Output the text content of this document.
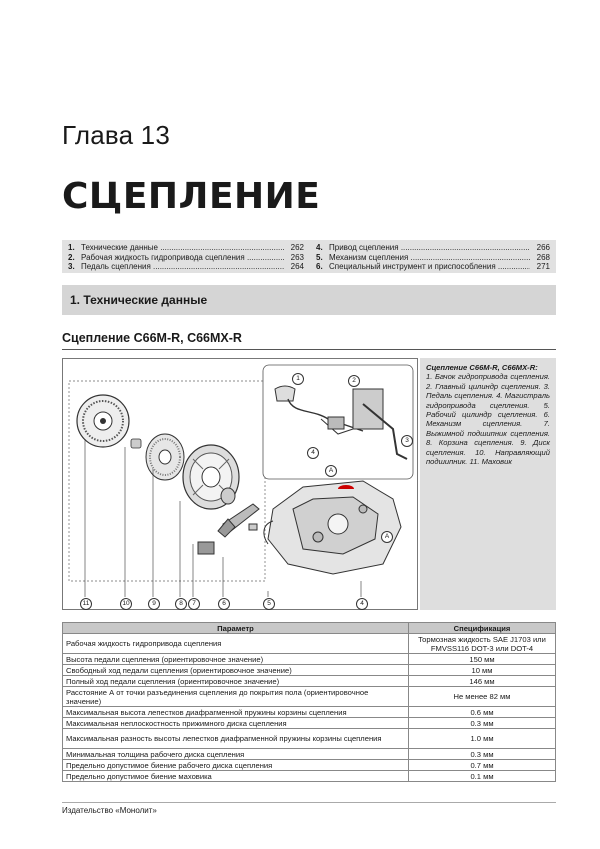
Глава 13
СЦЕПЛЕНИЕ
1. Технические данные .....	262
2. Рабочая жидкость гидропривода сцепления .....	263
3. Педаль сцепления .....	264
4. Привод сцепления .....	266
5. Механизм сцепления .....	268
6. Специальный инструмент и приспособления .....	271
1. Технические данные
Сцепление C66M-R, C66MX-R
11	10	9	8	7	6	5	4
1	2
3
4
A
A
Сцепление C66M-R, C66MX-R:
1. Бачок гидропривода сцепления. 2. Главный цилиндр сцепления. 3. Педаль сцепления. 4. Магистраль гидропривода сцепления. 5. Рабочий цилиндр сцепления. 6. Механизм сцепления. 7. Выжимной подшипник сцепления. 8. Корзина сцепления. 9. Диск сцепления. 10. Направляющий подшипник. 11. Маховик
Параметр	Спецификация
Рабочая жидкость гидропривода сцепления	Тормозная жидкость SAE J1703 или FMVSS116 DOT-3 или DOT-4
Высота педали сцепления (ориентировочное значение)	150 мм
Свободный ход педали сцепления (ориентировочное значение)	10 мм
Полный ход педали сцепления (ориентировочное значение)	146 мм
Расстояние А от точки разъединения сцепления до покрытия пола (ориентировочное значение)	Не менее 82 мм
Максимальная высота лепестков диафрагменной пружины корзины сцепления	0.6 мм
Максимальная неплоскостность прижимного диска сцепления	0.3 мм
Максимальная разность высоты лепестков диафрагменной пружины корзины сцепления	1.0 мм
Минимальная толщина рабочего диска сцепления	0.3 мм
Предельно допустимое биение рабочего диска сцепления	0.7 мм
Предельно допустимое биение маховика	0.1 мм
Издательство «Монолит»
